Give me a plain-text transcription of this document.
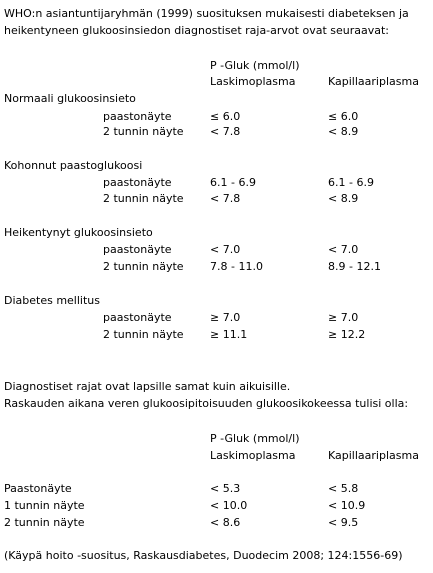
WHO:n asiantuntijaryhmän (1999) suosituksen mukaisesti diabeteksen ja
heikentyneen glukoosinsiedon diagnostiset raja-arvot ovat seuraavat:
P -Gluk (mmol/l)
Laskimoplasma	Kapillaariplasma
Normaali glukoosinsieto
paastonäyte	≤ 6.0	≤ 6.0
2 tunnin näyte < 7.8	< 8.9
Kohonnut paastoglukoosi
paastonäyte	6.1 - 6.9	6.1 - 6.9
2 tunnin näyte < 7.8	< 8.9
Heikentynyt glukoosinsieto
paastonäyte	< 7.0	< 7.0
2 tunnin näyte 7.8 - 11.0	8.9 - 12.1
Diabetes mellitus
paastonäyte	≥ 7.0	≥ 7.0
2 tunnin näyte ≥ 11.1	≥ 12.2
Diagnostiset rajat ovat lapsille samat kuin aikuisille.
Raskauden aikana veren glukoosipitoisuuden glukoosikokeessa tulisi olla:
P -Gluk (mmol/l)
Laskimoplasma	Kapillaariplasma
Paastonäyte	< 5.3	< 5.8
1 tunnin näyte	< 10.0	< 10.9
2 tunnin näyte	< 8.6	< 9.5
(Käypä hoito -suositus, Raskausdiabetes, Duodecim 2008; 124:1556-69)
